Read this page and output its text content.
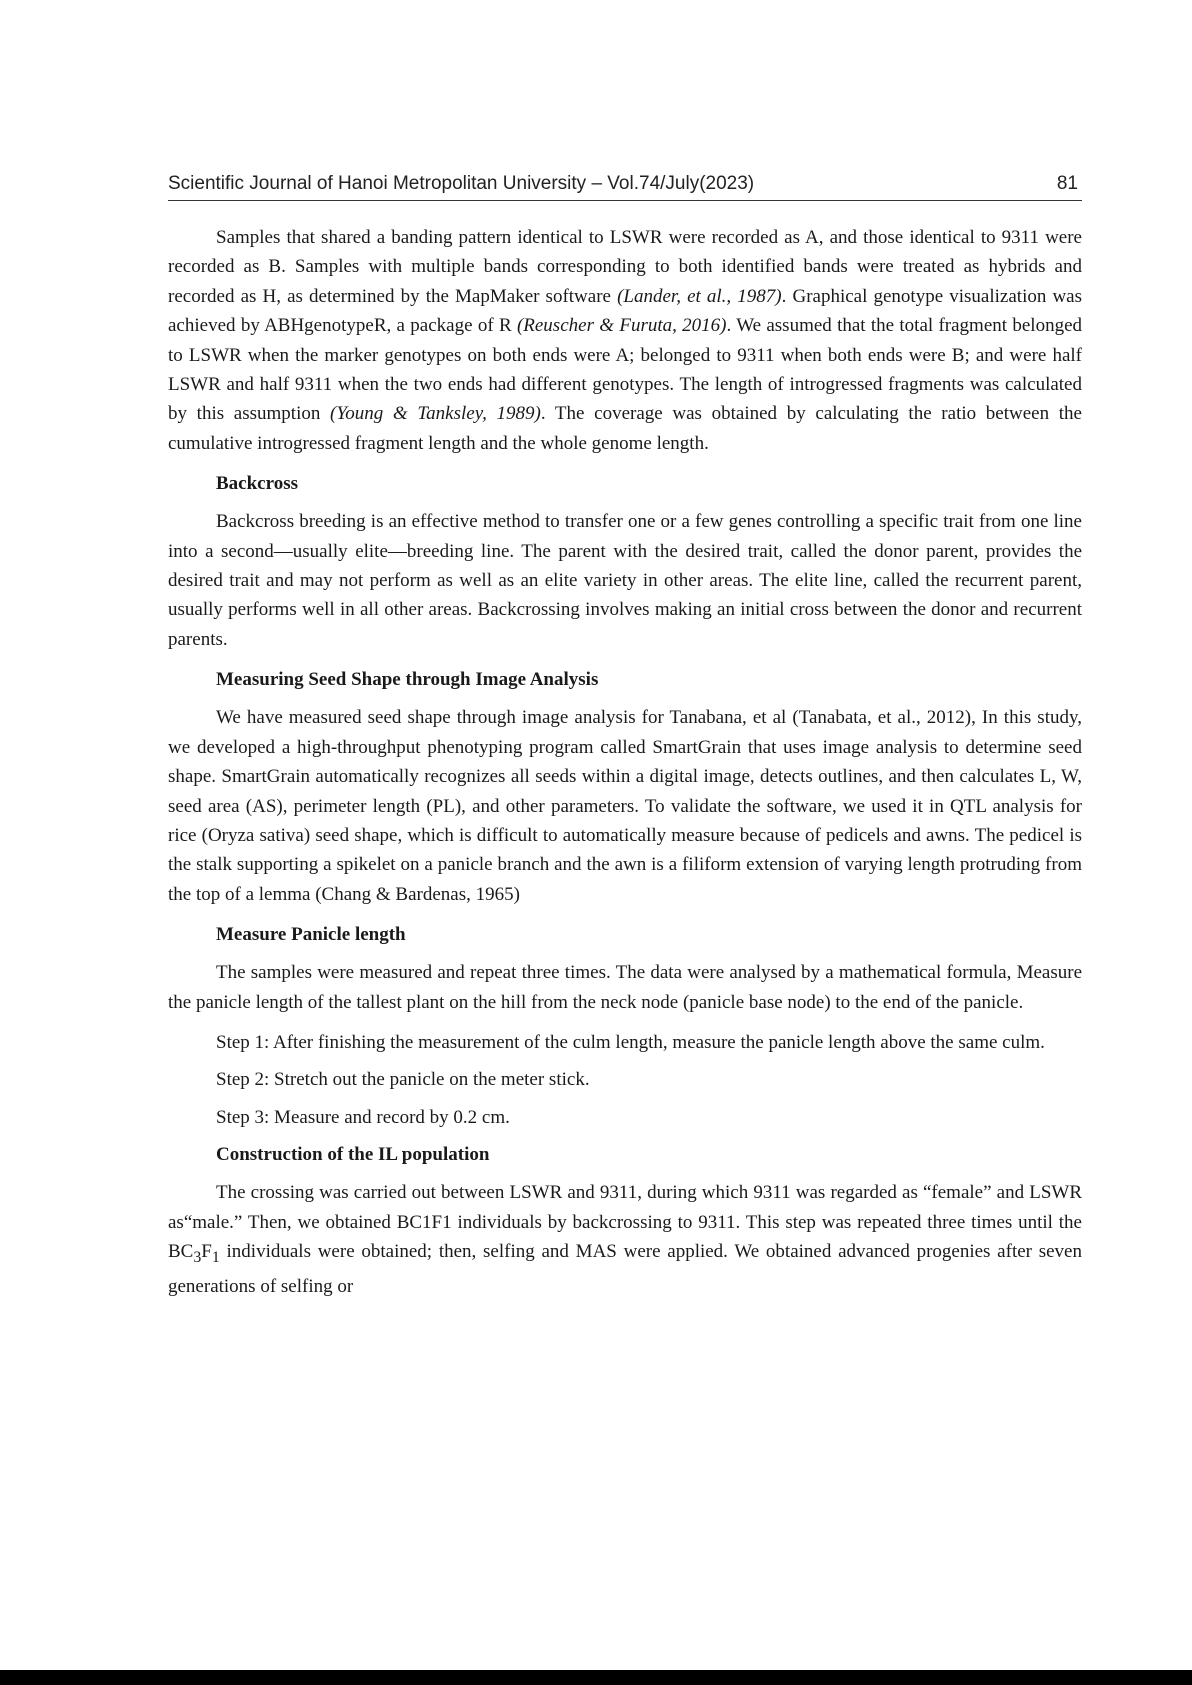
Scientific Journal of Hanoi Metropolitan University – Vol.74/July(2023)	81

Samples that shared a banding pattern identical to LSWR were recorded as A, and those identical to 9311 were recorded as B. Samples with multiple bands corresponding to both identified bands were treated as hybrids and recorded as H, as determined by the MapMaker software (Lander, et al., 1987). Graphical genotype visualization was achieved by ABHgenotypeR, a package of R (Reuscher & Furuta, 2016). We assumed that the total fragment belonged to LSWR when the marker genotypes on both ends were A; belonged to 9311 when both ends were B; and were half LSWR and half 9311 when the two ends had different genotypes. The length of introgressed fragments was calculated by this assumption (Young & Tanksley, 1989). The coverage was obtained by calculating the ratio between the cumulative introgressed fragment length and the whole genome length.

Backcross

Backcross breeding is an effective method to transfer one or a few genes controlling a specific trait from one line into a second—usually elite—breeding line. The parent with the desired trait, called the donor parent, provides the desired trait and may not perform as well as an elite variety in other areas. The elite line, called the recurrent parent, usually performs well in all other areas. Backcrossing involves making an initial cross between the donor and recurrent parents.

Measuring Seed Shape through Image Analysis

We have measured seed shape through image analysis for Tanabana, et al (Tanabata, et al., 2012), In this study, we developed a high-throughput phenotyping program called SmartGrain that uses image analysis to determine seed shape. SmartGrain automatically recognizes all seeds within a digital image, detects outlines, and then calculates L, W, seed area (AS), perimeter length (PL), and other parameters. To validate the software, we used it in QTL analysis for rice (Oryza sativa) seed shape, which is difficult to automatically measure because of pedicels and awns. The pedicel is the stalk supporting a spikelet on a panicle branch and the awn is a filiform extension of varying length protruding from the top of a lemma (Chang & Bardenas, 1965)

Measure Panicle length

The samples were measured and repeat three times. The data were analysed by a mathematical formula, Measure the panicle length of the tallest plant on the hill from the neck node (panicle base node) to the end of the panicle.

Step 1: After finishing the measurement of the culm length, measure the panicle length above the same culm.

Step 2: Stretch out the panicle on the meter stick.

Step 3: Measure and record by 0.2 cm.

Construction of the IL population

The crossing was carried out between LSWR and 9311, during which 9311 was regarded as “female” and LSWR as“male.” Then, we obtained BC1F1 individuals by backcrossing to 9311. This step was repeated three times until the $BC_3F_1$ individuals were obtained; then, selfing and MAS were applied. We obtained advanced progenies after seven generations of selfing or
